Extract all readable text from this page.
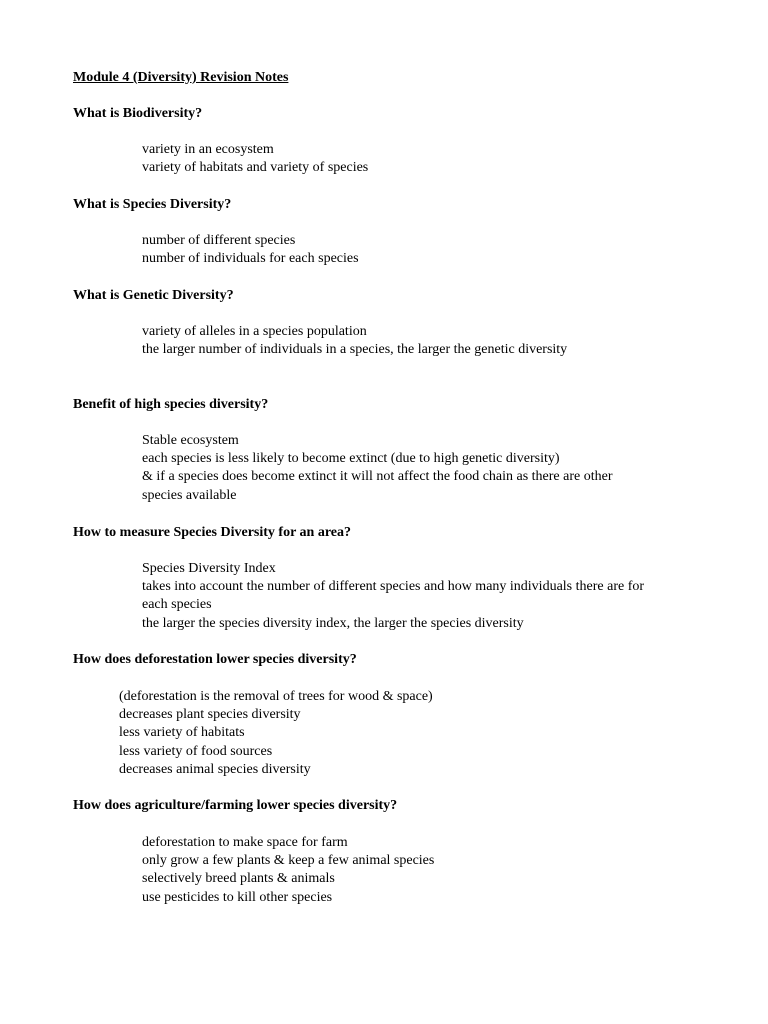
Module 4 (Diversity) Revision Notes
What is Biodiversity?
variety in an ecosystem
variety of habitats and variety of species
What is Species Diversity?
number of different species
number of individuals for each species
What is Genetic Diversity?
variety of alleles in a species population
the larger number of individuals in a species, the larger the genetic diversity
Benefit of high species diversity?
Stable ecosystem
each species is less likely to become extinct (due to high genetic diversity)
& if a species does become extinct it will not affect the food chain as there are other
species available
How to measure Species Diversity for an area?
Species Diversity Index
takes into account the number of different species and how many individuals there are for
each species
the larger the species diversity index, the larger the species diversity
How does deforestation lower species diversity?
(deforestation is the removal of trees for wood & space)
decreases plant species diversity
less variety of habitats
less variety of food sources
decreases animal species diversity
How does agriculture/farming lower species diversity?
deforestation to make space for farm
only grow a few plants & keep a few animal species
selectively breed plants & animals
use pesticides to kill other species
